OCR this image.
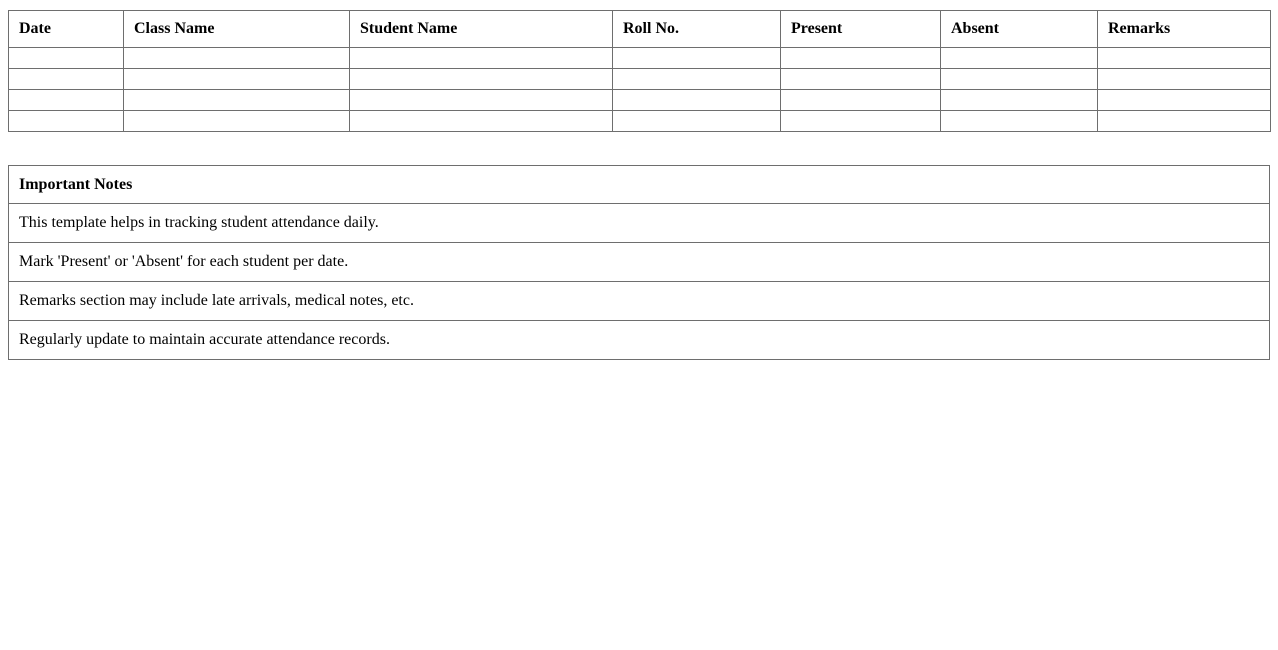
Date	Class Name	Student Name	Roll No.	Present	Absent	Remarks

Important Notes
This template helps in tracking student attendance daily.
Mark 'Present' or 'Absent' for each student per date.
Remarks section may include late arrivals, medical notes, etc.
Regularly update to maintain accurate attendance records.
